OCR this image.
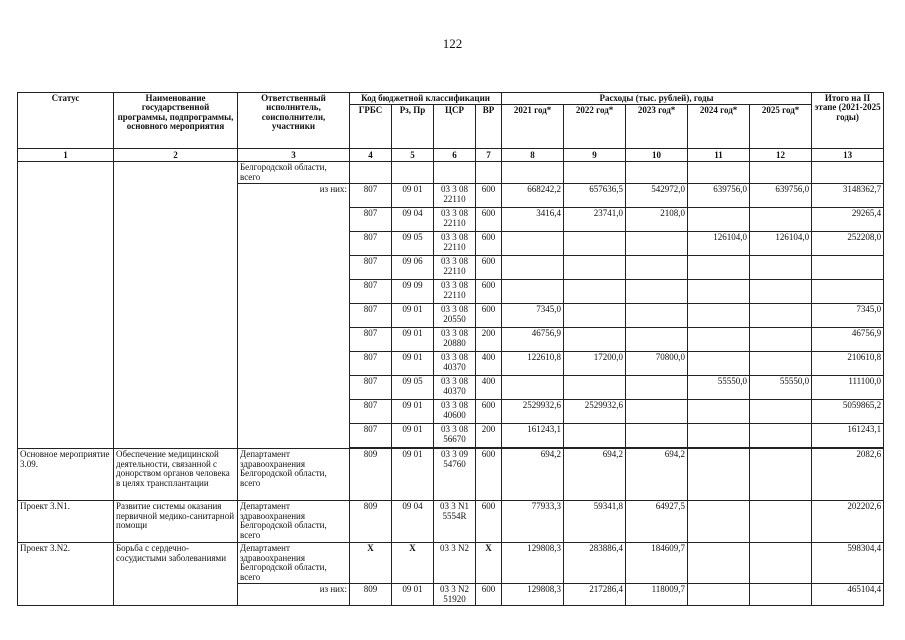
122
Статус	Наименование государственной программы, подпрограммы, основного мероприятия	Ответственный исполнитель, соисполнители, участники	Код бюджетной классификации				Расходы (тыс. рублей), годы					Итого на II этапе (2021-2025 годы)
			ГРБС	Рз, Пр	ЦСР	ВР	2021 год*	2022 год*	2023 год*	2024 год*	2025 год*	
1	2	3	4	5	6	7	8	9	10	11	12	13
		Белгородской области, всего										
		из них:	807	09 01	03 3 08 22110	600	668242,2	657636,5	542972,0	639756,0	639756,0	3148362,7
			807	09 04	03 3 08 22110	600	3416,4	23741,0	2108,0			29265,4
			807	09 05	03 3 08 22110	600				126104,0	126104,0	252208,0
			807	09 06	03 3 08 22110	600						
			807	09 09	03 3 08 22110	600						
			807	09 01	03 3 08 20550	600	7345,0					7345,0
			807	09 01	03 3 08 20880	200	46756,9					46756,9
			807	09 01	03 3 08 40370	400	122610,8	17200,0	70800,0			210610,8
			807	09 05	03 3 08 40370	400				55550,0	55550,0	111100,0
			807	09 01	03 3 08 40600	600	2529932,6	2529932,6				5059865,2
			807	09 01	03 3 08 56670	200	161243,1					161243,1

Основное мероприятие 3.09.	Обеспечение медицинской деятельности, связанной с донорством органов человека в целях трансплантации	Департамент здравоохранения Белгородской области, всего	809	09 01	03 3 09 54760	600	694,2	694,2	694,2			2082,6
Проект 3.N1.	Развитие системы оказания первичной медико-санитарной помощи	Департамент здравоохранения Белгородской области, всего	809	09 04	03 3 N1 5554R	600	77933,3	59341,8	64927,5			202202,6
Проект 3.N2.	Борьба с сердечно-сосудистыми заболеваниями	Департамент здравоохранения Белгородской области, всего	X	X	03 3 N2	X	129808,3	283886,4	184609,7			598304,4
		из них:	809	09 01	03 3 N2 51920	600	129808,3	217286,4	118009,7			465104,4
